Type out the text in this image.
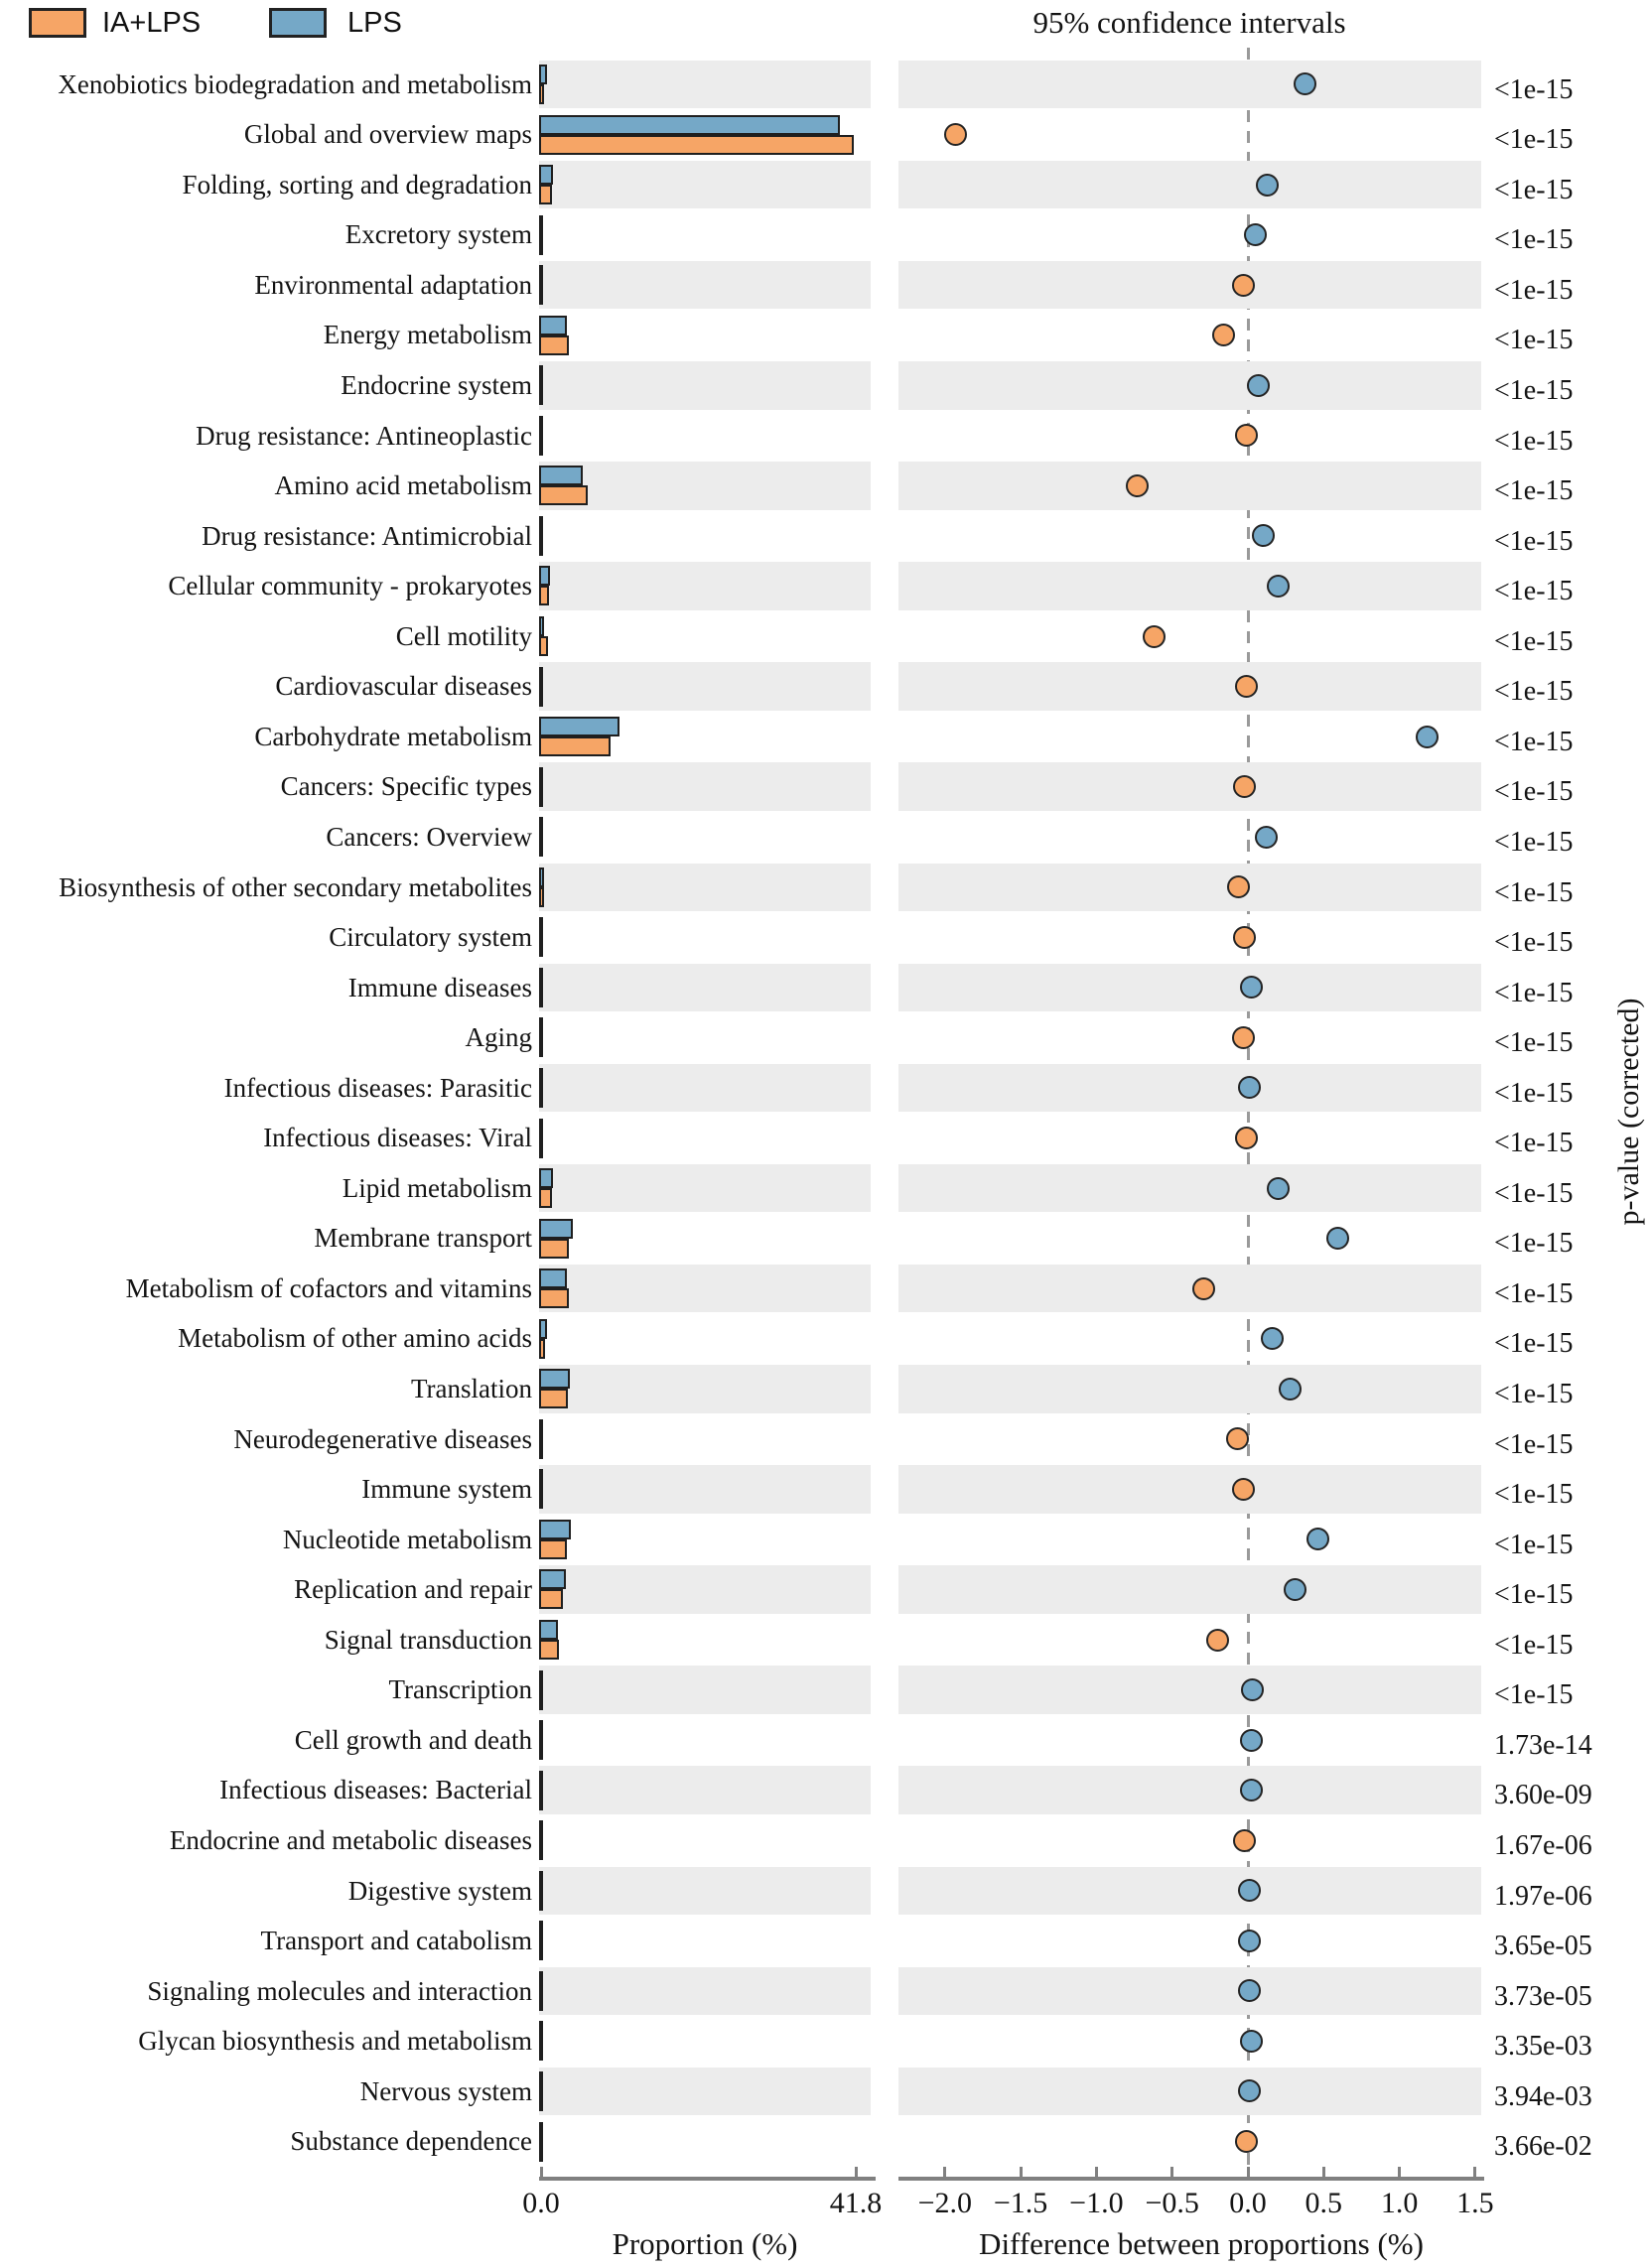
IA+LPS	LPS	95% confidence intervals
Xenobiotics biodegradation and metabolism	<1e-15
Global and overview maps	<1e-15
Folding, sorting and degradation	<1e-15
Excretory system	<1e-15
Environmental adaptation	<1e-15
Energy metabolism	<1e-15
Endocrine system	<1e-15
Drug resistance: Antineoplastic	<1e-15
Amino acid metabolism	<1e-15
Drug resistance: Antimicrobial	<1e-15
Cellular community - prokaryotes	<1e-15
Cell motility	<1e-15
Cardiovascular diseases	<1e-15
Carbohydrate metabolism	<1e-15
Cancers: Specific types	<1e-15
Cancers: Overview	<1e-15
Biosynthesis of other secondary metabolites	<1e-15
Circulatory system	<1e-15
Immune diseases	<1e-15
Aging	<1e-15
Infectious diseases: Parasitic	<1e-15
Infectious diseases: Viral	<1e-15
Lipid metabolism	<1e-15
Membrane transport	<1e-15
Metabolism of cofactors and vitamins	<1e-15
Metabolism of other amino acids	<1e-15
Translation	<1e-15
Neurodegenerative diseases	<1e-15
Immune system	<1e-15
Nucleotide metabolism	<1e-15
Replication and repair	<1e-15
Signal transduction	<1e-15
Transcription	<1e-15
Cell growth and death	1.73e-14
Infectious diseases: Bacterial	3.60e-09
Endocrine and metabolic diseases	1.67e-06
Digestive system	1.97e-06
Transport and catabolism	3.65e-05
Signaling molecules and interaction	3.73e-05
Glycan biosynthesis and metabolism	3.35e-03
Nervous system	3.94e-03
Substance dependence	3.66e-02
0.0	41.8 −2.0 −1.5 −1.0 −0.5 0.0 0.5 1.0 1.5
Proportion (%)	Difference between proportions (%)
p-value (corrected)
